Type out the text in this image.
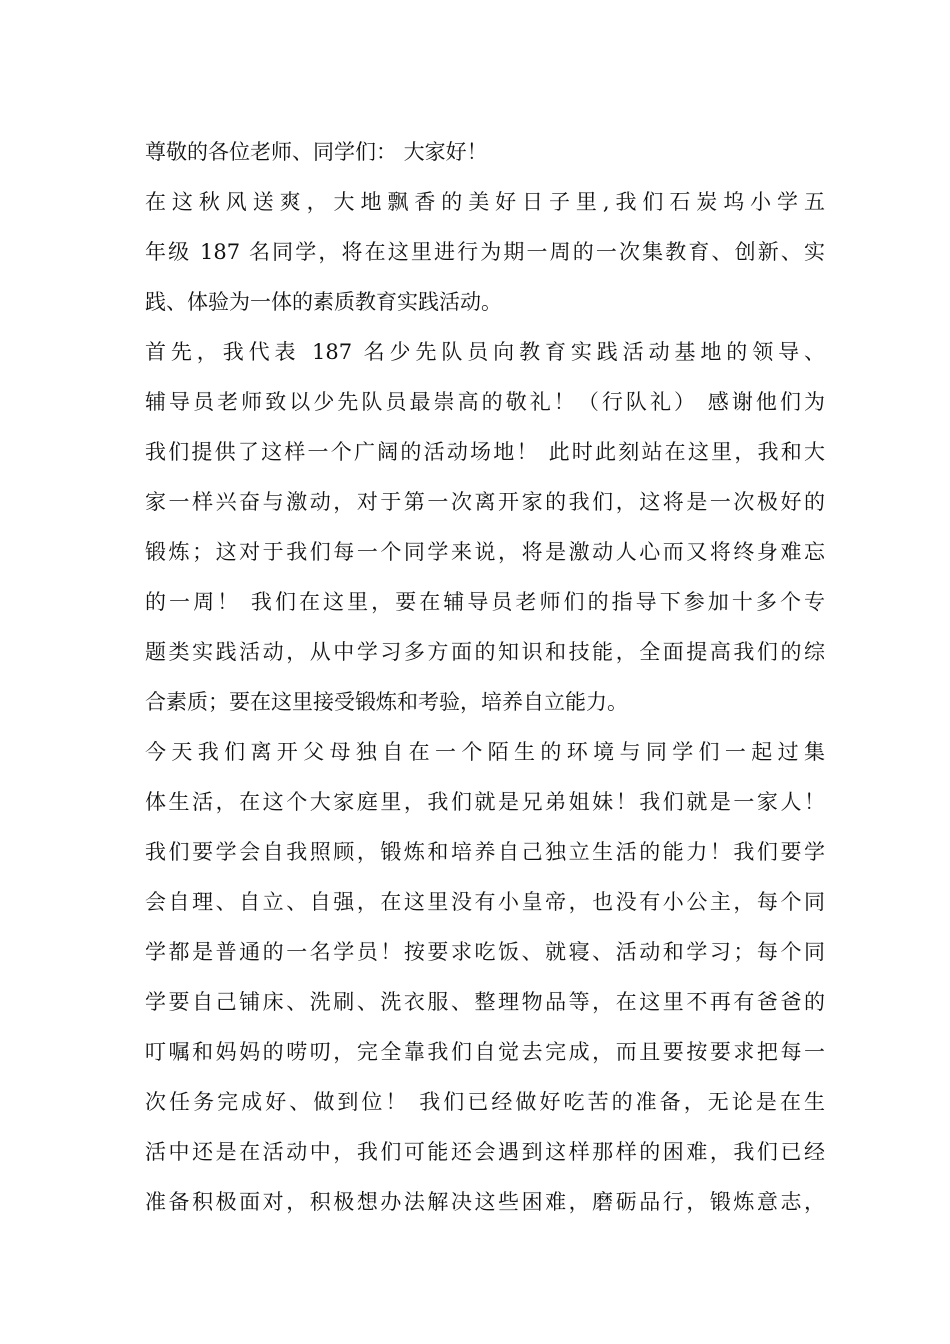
尊敬的各位老师、同学们： 大家好！
在这秋风送爽，大地飘香的美好日子里,我们石炭坞小学五
年级 187 名同学，将在这里进行为期一周的一次集教育、创新、实
践、体验为一体的素质教育实践活动。
首先，我代表 187 名少先队员向教育实践活动基地的领导、
辅导员老师致以少先队员最崇高的敬礼！（行队礼） 感谢他们为
我们提供了这样一个广阔的活动场地！ 此时此刻站在这里，我和大
家一样兴奋与激动，对于第一次离开家的我们，这将是一次极好的
锻炼；这对于我们每一个同学来说，将是激动人心而又将终身难忘
的一周！ 我们在这里，要在辅导员老师们的指导下参加十多个专
题类实践活动，从中学习多方面的知识和技能，全面提高我们的综
合素质；要在这里接受锻炼和考验，培养自立能力。
今天我们离开父母独自在一个陌生的环境与同学们一起过集
体生活，在这个大家庭里，我们就是兄弟姐妹！我们就是一家人！
我们要学会自我照顾，锻炼和培养自己独立生活的能力！我们要学
会自理、自立、自强，在这里没有小皇帝，也没有小公主，每个同
学都是普通的一名学员！按要求吃饭、就寝、活动和学习；每个同
学要自己铺床、洗刷、洗衣服、整理物品等，在这里不再有爸爸的
叮嘱和妈妈的唠叨，完全靠我们自觉去完成，而且要按要求把每一
次任务完成好、做到位！ 我们已经做好吃苦的准备，无论是在生
活中还是在活动中，我们可能还会遇到这样那样的困难，我们已经
准备积极面对，积极想办法解决这些困难，磨砺品行，锻炼意志，
